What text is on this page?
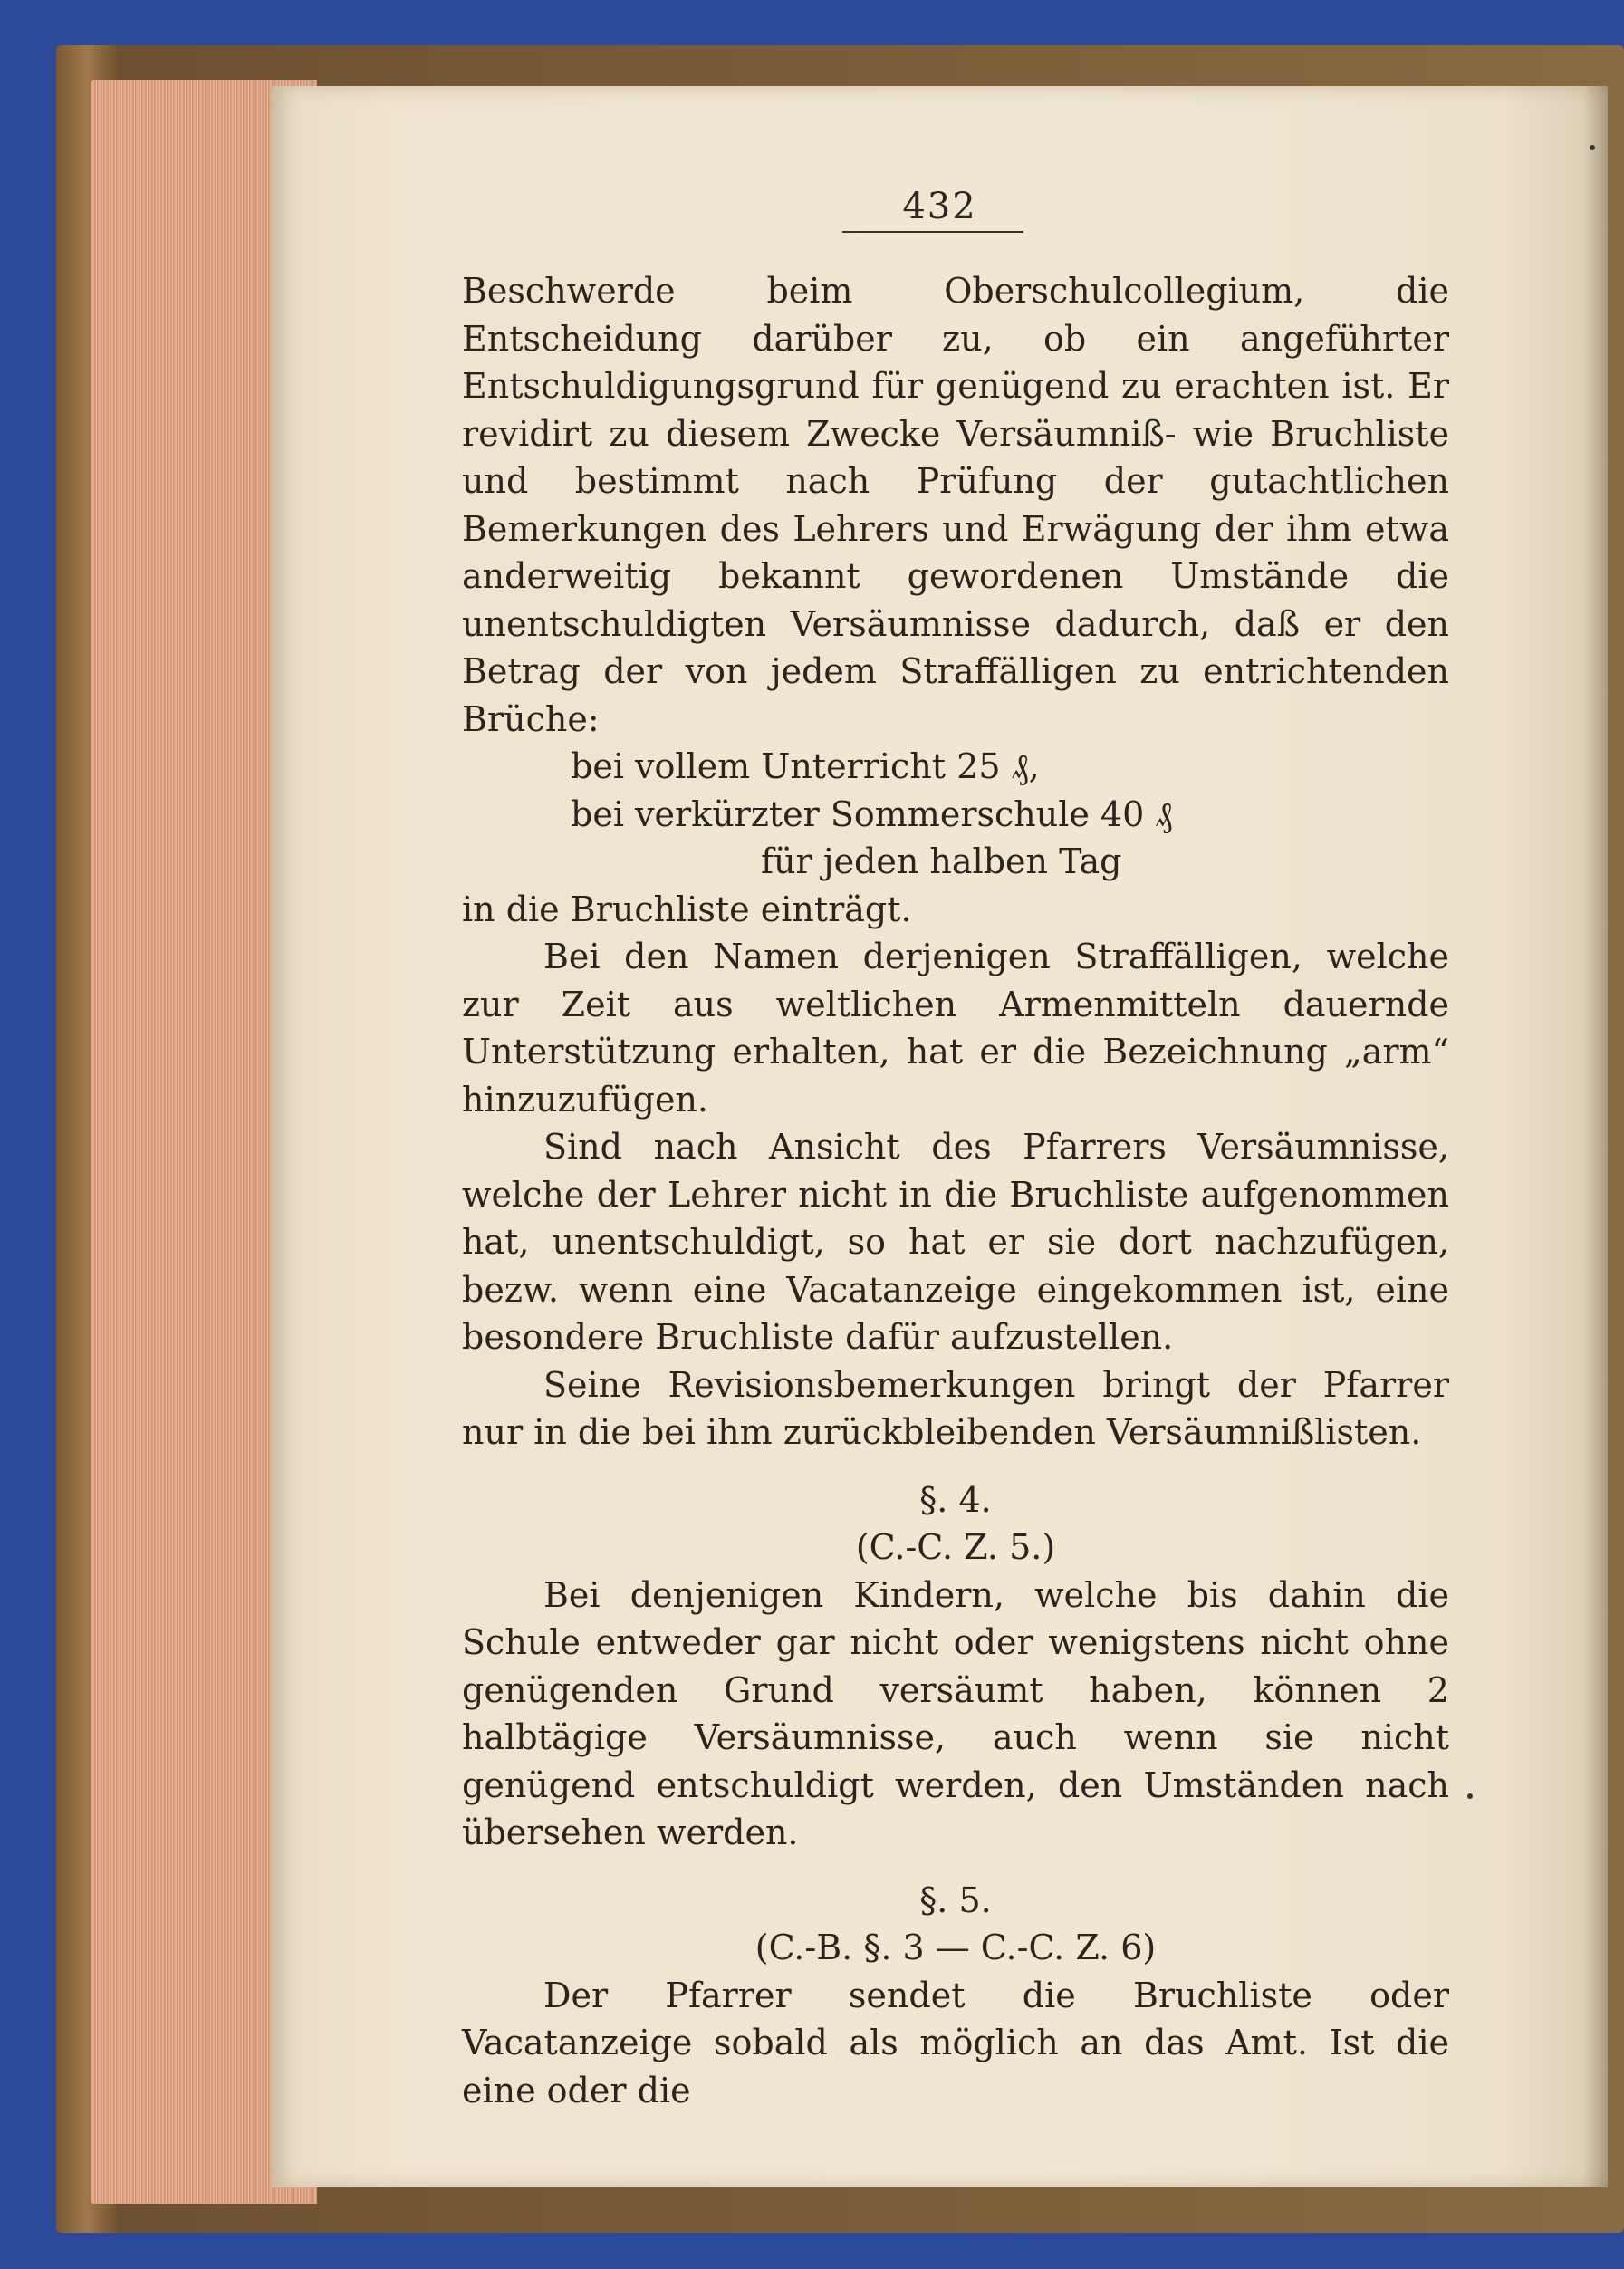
432

Beschwerde beim Oberschulcollegium, die Entscheidung darüber zu, ob ein angeführter Entschuldigungsgrund für genügend zu erachten ist. Er revidirt zu diesem Zwecke Versäumniß- wie Bruchliste und bestimmt nach Prüfung der gutachtlichen Bemerkungen des Lehrers und Erwägung der ihm etwa anderweitig bekannt gewordenen Umstände die unentschuldigten Versäumnisse dadurch, daß er den Betrag der von jedem Straffälligen zu entrichtenden Brüche:

bei vollem Unterricht 25 ₰,

bei verkürzter Sommerschule 40 ₰

für jeden halben Tag

in die Bruchliste einträgt.

Bei den Namen derjenigen Straffälligen, welche zur Zeit aus weltlichen Armenmitteln dauernde Unterstützung erhalten, hat er die Bezeichnung „arm“ hinzuzufügen.

Sind nach Ansicht des Pfarrers Versäumnisse, welche der Lehrer nicht in die Bruchliste aufgenommen hat, unentschuldigt, so hat er sie dort nachzufügen, bezw. wenn eine Vacatanzeige eingekommen ist, eine besondere Bruchliste dafür aufzustellen.

Seine Revisionsbemerkungen bringt der Pfarrer nur in die bei ihm zurückbleibenden Versäumnißlisten.

§. 4.

(C.-C. Z. 5.)

Bei denjenigen Kindern, welche bis dahin die Schule entweder gar nicht oder wenigstens nicht ohne genügenden Grund versäumt haben, können 2 halbtägige Versäumnisse, auch wenn sie nicht genügend entschuldigt werden, den Umständen nach übersehen werden.

§. 5.

(C.-B. §. 3 — C.-C. Z. 6)

Der Pfarrer sendet die Bruchliste oder Vacatanzeige sobald als möglich an das Amt. Ist die eine oder die
